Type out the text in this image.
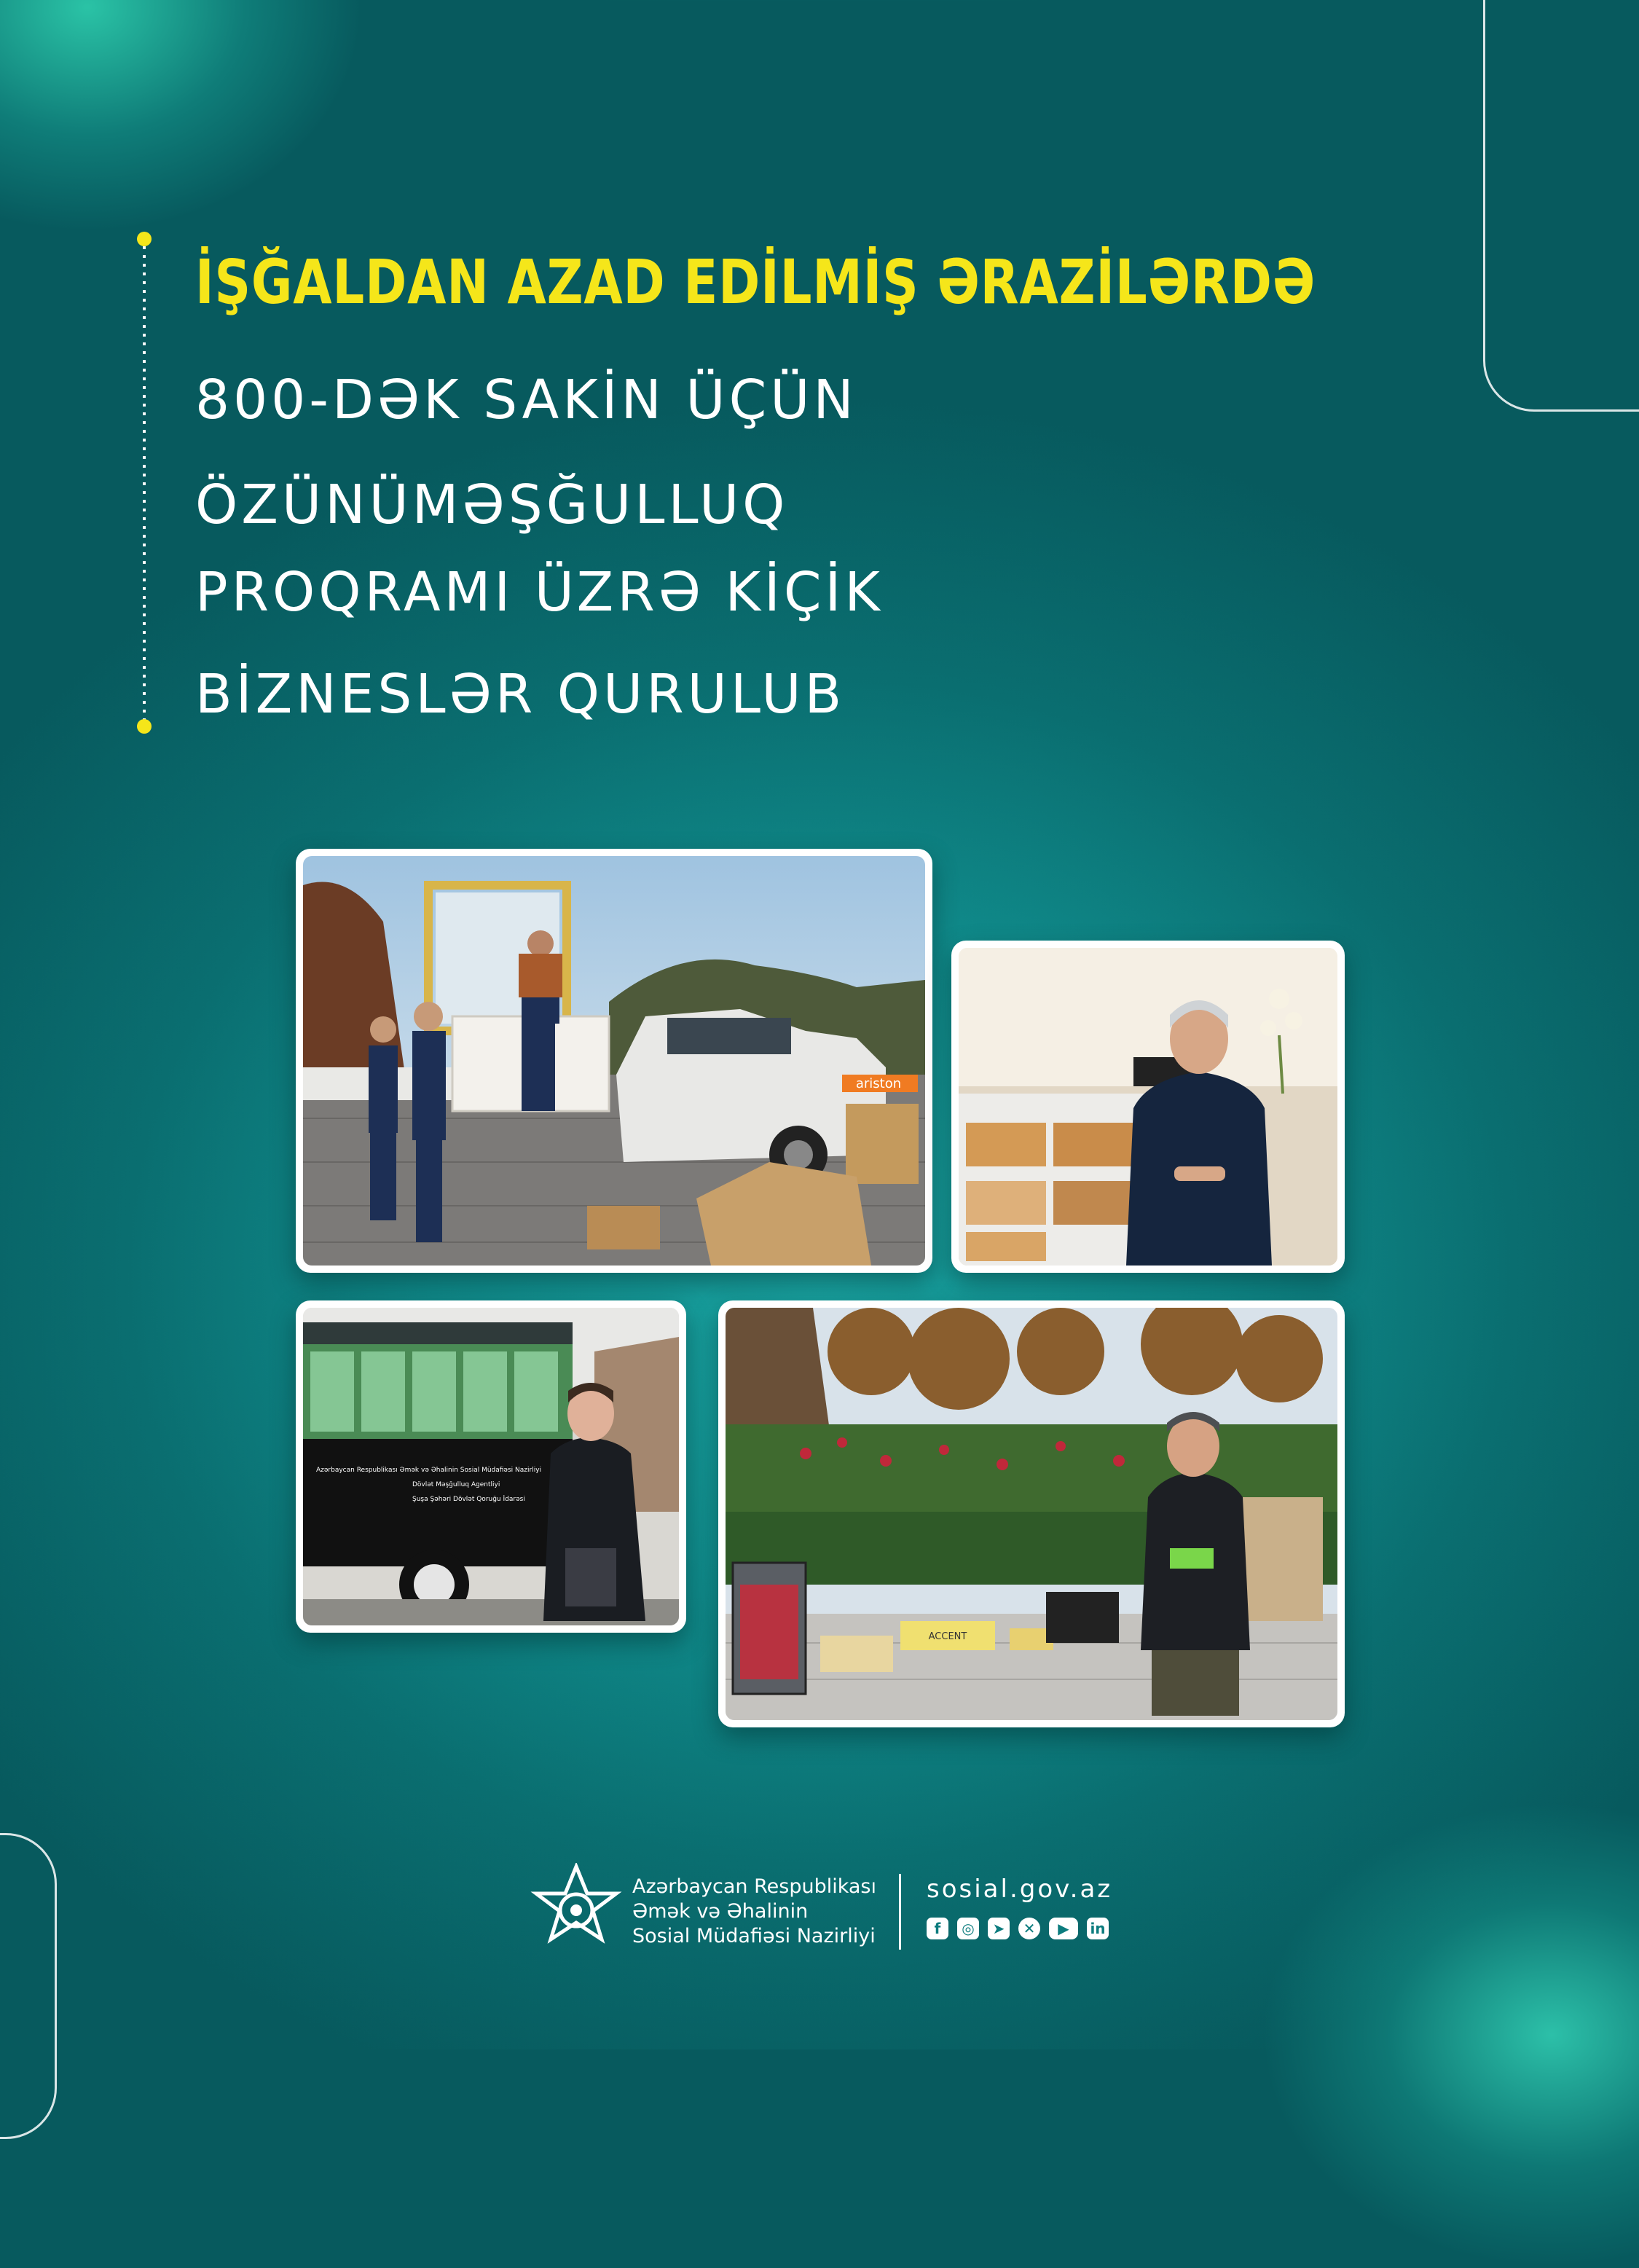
İŞĞALDAN AZAD EDİLMİŞ ƏRAZİLƏRDƏ

800-DƏK SAKİN ÜÇÜN

ÖZÜNÜMƏŞĞULLUQ

PROQRAMI ÜZRƏ KİÇİK

BİZNESLƏR QURULUB

ariston
Azərbaycan Respublikası Əmək və Əhalinin Sosial Müdafiəsi Nazirliyi
Dövlət Məşğulluq Agentliyi
Şuşa Şəhəri Dövlət Qoruğu İdarəsi
ACCENT
Azərbaycan Respublikası
Əmək və Əhalinin
Sosial Müdafiəsi Nazirliyi
sosial.gov.az
f	◎	➤	✕	▶	in
